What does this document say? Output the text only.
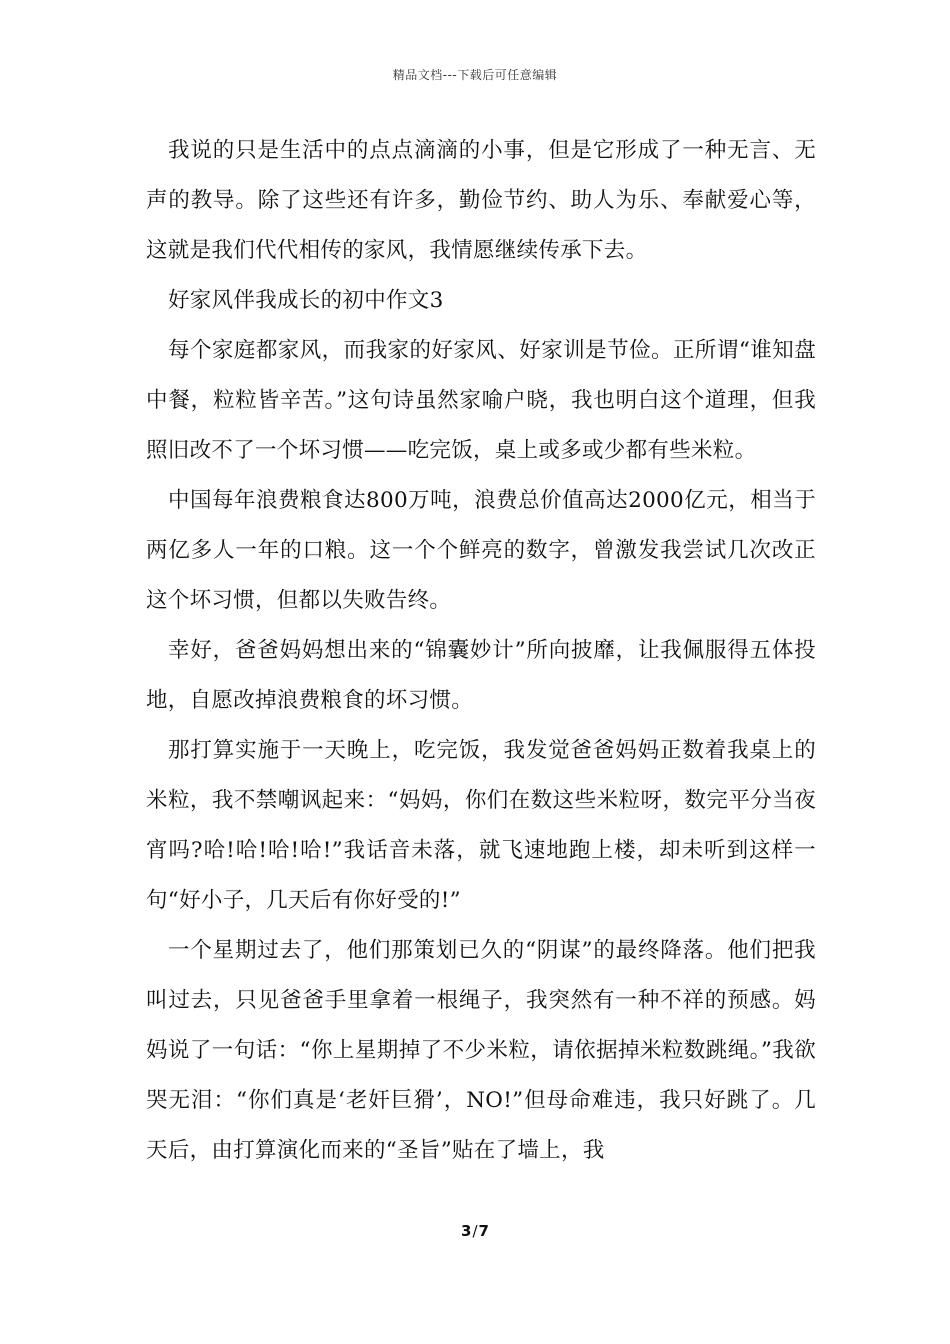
精品文档---下载后可任意编辑

我说的只是生活中的点点滴滴的小事，但是它形成了一种无言、无声的教导。除了这些还有许多，勤俭节约、助人为乐、奉献爱心等，这就是我们代代相传的家风，我情愿继续传承下去。

好家风伴我成长的初中作文3

每个家庭都家风，而我家的好家风、好家训是节俭。正所谓“谁知盘中餐，粒粒皆辛苦。”这句诗虽然家喻户晓，我也明白这个道理，但我照旧改不了一个坏习惯——吃完饭，桌上或多或少都有些米粒。

中国每年浪费粮食达800万吨，浪费总价值高达2000亿元，相当于两亿多人一年的口粮。这一个个鲜亮的数字，曾激发我尝试几次改正这个坏习惯，但都以失败告终。

幸好，爸爸妈妈想出来的“锦囊妙计”所向披靡，让我佩服得五体投地，自愿改掉浪费粮食的坏习惯。

那打算实施于一天晚上，吃完饭，我发觉爸爸妈妈正数着我桌上的米粒，我不禁嘲讽起来：“妈妈，你们在数这些米粒呀，数完平分当夜宵吗?哈!哈!哈!哈!”我话音未落，就飞速地跑上楼，却未听到这样一句“好小子，几天后有你好受的!”

一个星期过去了，他们那策划已久的“阴谋”的最终降落。他们把我叫过去，只见爸爸手里拿着一根绳子，我突然有一种不祥的预感。妈妈说了一句话：“你上星期掉了不少米粒，请依据掉米粒数跳绳。”我欲哭无泪：“你们真是‘老奸巨猾’，NO!”但母命难违，我只好跳了。几天后，由打算演化而来的“圣旨”贴在了墙上，我

3/7
